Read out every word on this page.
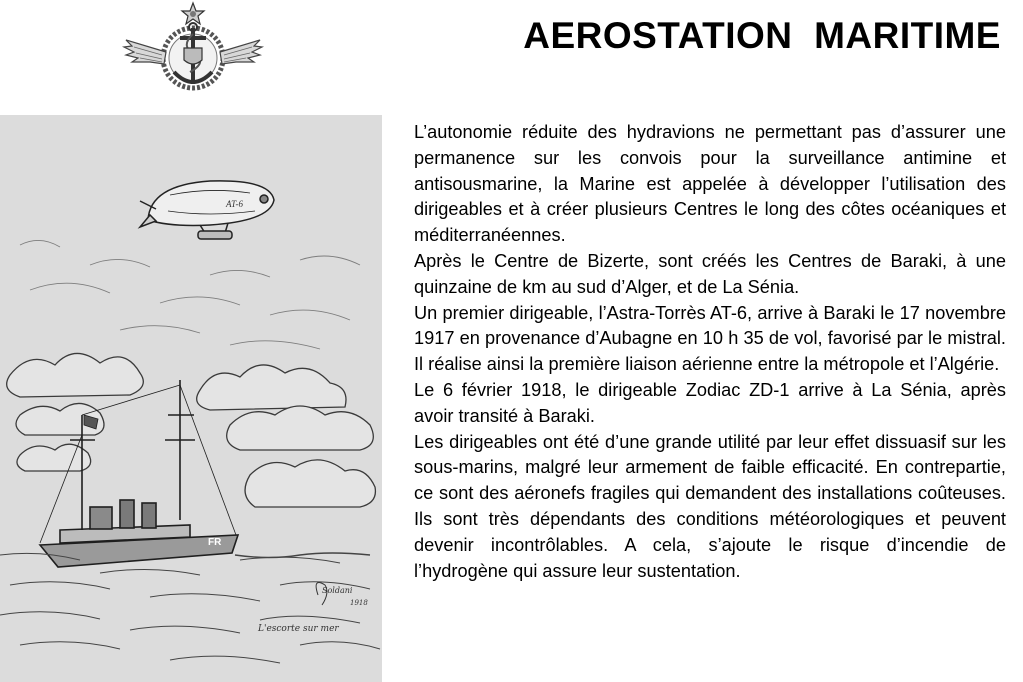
AEROSTATION  MARITIME
AT-6
FR
Soldani
1918
L'escorte sur mer

L’autonomie réduite des hydravions ne permettant pas d’assurer une permanence sur les convois pour la surveillance antimine et antisousmarine, la Marine est appelée à développer l’utilisation des dirigeables et à créer plusieurs Centres le long des côtes océaniques et méditerranéennes.

Après le Centre de Bizerte, sont créés les Centres de Baraki, à une quinzaine de km au sud d’Alger, et de La Sénia.

Un premier dirigeable, l’Astra-Torrès AT-6, arrive à Baraki le 17 novembre 1917 en provenance d’Aubagne en 10 h 35 de vol, favorisé par le mistral. Il réalise ainsi la première liaison aérienne entre la métropole et l’Algérie.

Le 6 février 1918, le dirigeable Zodiac ZD-1 arrive à La Sénia, après avoir transité à Baraki.

Les dirigeables ont été d’une grande utilité par leur effet dissuasif sur les sous-marins, malgré leur armement de faible efficacité. En contrepartie, ce sont des aéronefs fragiles qui demandent des installations coûteuses. Ils sont très dépendants des conditions météorologiques et peuvent devenir incontrôlables. A cela, s’ajoute le risque d’incendie de l’hydrogène qui assure leur sustentation.
